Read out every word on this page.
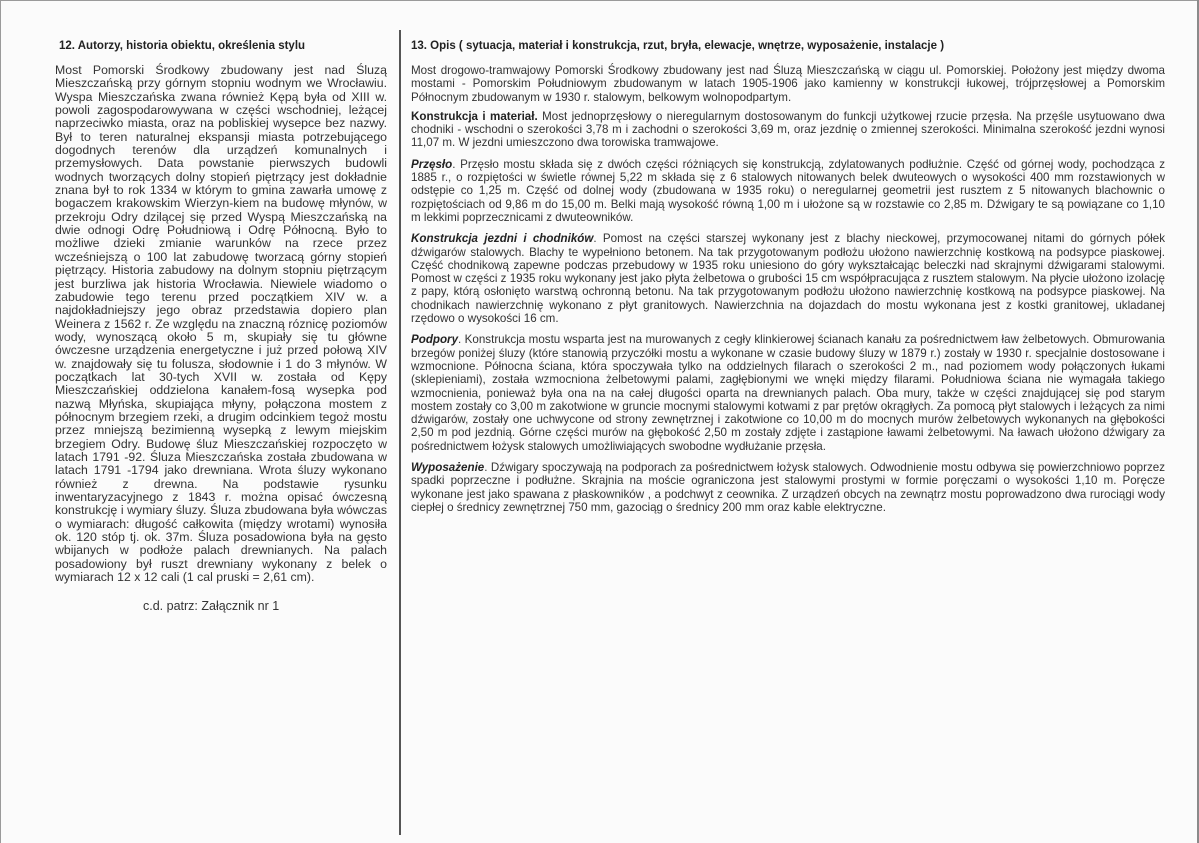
12. Autorzy, historia obiektu, określenia stylu

Most Pomorski Środkowy zbudowany jest nad Śluzą Mieszczańską przy górnym stopniu wodnym we Wrocławiu. Wyspa Mieszczańska zwana również Kępą była od XIII w. powoli zagospodarowywana w części wschodniej, leżącej naprzeciwko miasta, oraz na pobliskiej wysepce bez nazwy. Był to teren naturalnej ekspansji miasta potrzebującego dogodnych terenów dla urządzeń komunalnych i przemysłowych. Data powstanie pierwszych budowli wodnych tworzących dolny stopień piętrzący jest dokładnie znana był to rok 1334 w którym to gmina zawarła umowę z bogaczem krakowskim Wierzyn-kiem na budowę młynów, w przekroju Odry dzilącej się przed Wyspą Mieszczańską na dwie odnogi Odrę Południową i Odrę Północną. Było to możliwe dzieki zmianie warunków na rzece przez wcześniejszą o 100 lat zabudowę tworzacą górny stopień piętrzący. Historia zabudowy na dolnym stopniu piętrzącym jest burzliwa jak historia Wrocławia. Niewiele wiadomo o zabudowie tego terenu przed początkiem XIV w. a najdokładniejszy jego obraz przedstawia dopiero plan Weinera z 1562 r. Ze względu na znaczną róznicę poziomów wody, wynoszącą około 5 m, skupiały się tu główne ówczesne urządzenia energetyczne i już przed połową XIV w. znajdowały się tu folusza, słodownie i 1 do 3 młynów. W początkach lat 30-tych XVII w. została od Kępy Mieszczańskiej oddzielona kanałem-fosą wysepka pod nazwą Młyńska, skupiająca młyny, połączona mostem z północnym brzegiem rzeki, a drugim odcinkiem tegoż mostu przez mniejszą bezimienną wysepką z lewym miejskim brzegiem Odry. Budowę śluz Mieszczańskiej rozpoczęto w latach 1791 -92. Śluza Mieszczańska została zbudowana w latach 1791 -1794 jako drewniana. Wrota śluzy wykonano również z drewna. Na podstawie rysunku inwentaryzacyjnego z 1843 r. można opisać ówczesną konstrukcję i wymiary śluzy. Śluza zbudowana była wówczas o wymiarach: długość całkowita (między wrotami) wynosiła ok. 120 stóp tj. ok. 37m. Śluza posadowiona była na gęsto wbijanych w podłoże palach drewnianych. Na palach posadowiony był ruszt drewniany wykonany z belek o wymiarach 12 x 12 cali (1 cal pruski = 2,61 cm).

c.d. patrz: Załącznik nr 1
13. Opis ( sytuacja, materiał i konstrukcja, rzut, bryła, elewacje, wnętrze, wyposażenie, instalacje )

Most drogowo-tramwajowy Pomorski Środkowy zbudowany jest nad Śluzą Mieszczańską w ciągu ul. Pomorskiej. Położony jest między dwoma mostami - Pomorskim Południowym zbudowanym w latach 1905-1906 jako kamienny w konstrukcji łukowej, trójprzęsłowej a Pomorskim Północnym zbudowanym w 1930 r. stalowym, belkowym wolnopodpartym.

Konstrukcja i materiał. Most jednoprzęsłowy o nieregularnym dostosowanym do funkcji użytkowej rzucie przęsła. Na przęśle usytuowano dwa chodniki - wschodni o szerokości 3,78 m i zachodni o szerokości 3,69 m, oraz jezdnię o zmiennej szerokości. Minimalna szerokość jezdni wynosi 11,07 m. W jezdni umieszczono dwa torowiska tramwajowe.

Przęsło. Przęsło mostu składa się z dwóch części różniących się konstrukcją, zdylatowanych podłużnie. Część od górnej wody, pochodząca z 1885 r., o rozpiętości w świetle równej 5,22 m składa się z 6 stalowych nitowanych belek dwuteowych o wysokości 400 mm rozstawionych w odstępie co 1,25 m. Część od dolnej wody (zbudowana w 1935 roku) o neregularnej geometrii jest rusztem z 5 nitowanych blachownic o rozpiętościach od 9,86 m do 15,00 m. Belki mają wysokość równą 1,00 m i ułożone są w rozstawie co 2,85 m. Dźwigary te są powiązane co 1,10 m lekkimi poprzecznicami z dwuteowników.

Konstrukcja jezdni i chodników. Pomost na części starszej wykonany jest z blachy nieckowej, przymocowanej nitami do górnych półek dźwigarów stalowych. Blachy te wypełniono betonem. Na tak przygotowanym podłożu ułożono nawierzchnię kostkową na podsypce piaskowej. Część chodnikową zapewne podczas przebudowy w 1935 roku uniesiono do góry wykształcając beleczki nad skrajnymi dźwigarami stalowymi. Pomost w części z 1935 roku wykonany jest jako płyta żelbetowa o grubości 15 cm współpracująca z rusztem stalowym. Na płycie ułożono izolację z papy, którą osłonięto warstwą ochronną betonu. Na tak przygotowanym podłożu ułożono nawierzchnię kostkową na podsypce piaskowej. Na chodnikach nawierzchnię wykonano z płyt granitowych. Nawierzchnia na dojazdach do mostu wykonana jest z kostki granitowej, ukladanej rzędowo o wysokości 16 cm.

Podpory. Konstrukcja mostu wsparta jest na murowanych z cegły klinkierowej ścianach kanału za pośrednictwem ław żelbetowych. Obmurowania brzegów poniżej śluzy (które stanowią przyczółki mostu a wykonane w czasie budowy śluzy w 1879 r.) zostały w 1930 r. specjalnie dostosowane i wzmocnione. Północna ściana, która spoczywała tylko na oddzielnych filarach o szerokości 2 m., nad poziomem wody połączonych łukami (sklepieniami), została wzmocniona żelbetowymi palami, zagłębionymi we wnęki między filarami. Południowa ściana nie wymagała takiego wzmocnienia, ponieważ była ona na na całej długości oparta na drewnianych palach. Oba mury, także w części znajdującej się pod starym mostem zostały co 3,00 m zakotwione w gruncie mocnymi stalowymi kotwami z par prętów okrągłych. Za pomocą płyt stalowych i leżących za nimi dźwigarów, zostały one uchwycone od strony zewnętrznej i zakotwione co 10,00 m do mocnych murów żelbetowych wykonanych na głębokości 2,50 m pod jezdnią. Górne części murów na głębokość 2,50 m zostały zdjęte i zastąpione ławami żelbetowymi. Na ławach ułożono dźwigary za pośrednictwem łożysk stalowych umożliwiających swobodne wydłużanie przęsła.

Wyposażenie. Dźwigary spoczywają na podporach za pośrednictwem łożysk stalowych. Odwodnienie mostu odbywa się powierzchniowo poprzez spadki poprzeczne i podłużne. Skrajnia na moście ograniczona jest stalowymi prostymi w formie poręczami o wysokości 1,10 m. Poręcze wykonane jest jako spawana z płaskowników , a podchwyt z ceownika. Z urządzeń obcych na zewnątrz mostu poprowadzono dwa rurociągi wody ciepłej o średnicy zewnętrznej 750 mm, gazociąg o średnicy 200 mm oraz kable elektryczne.
